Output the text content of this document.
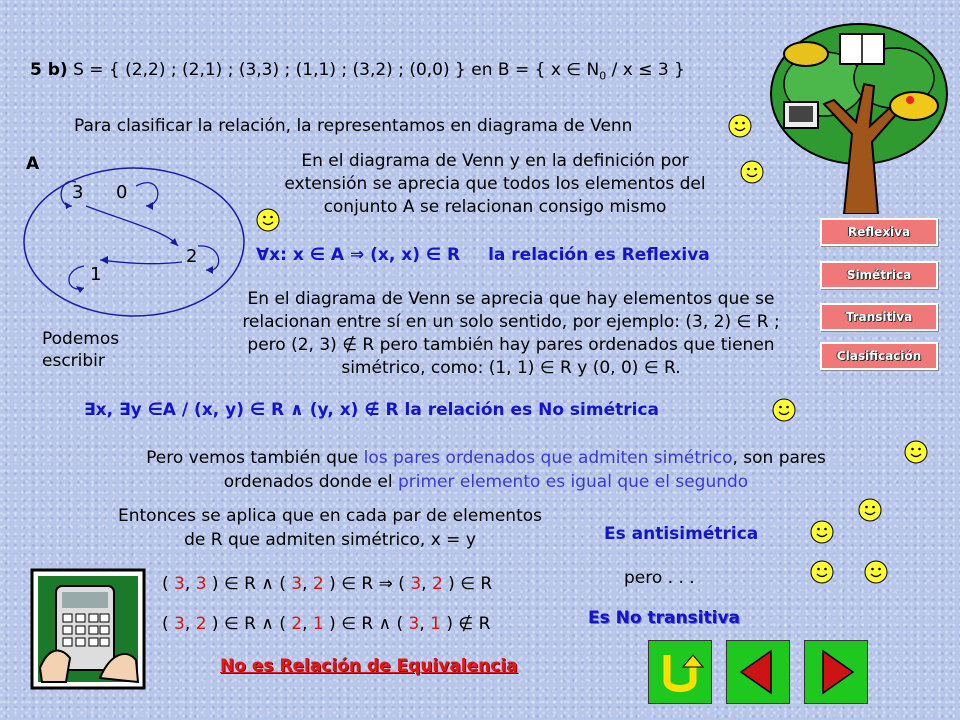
5 b) S = { (2,2) ; (2,1) ; (3,3) ; (1,1) ; (3,2) ; (0,0) } en B = { x ∈ $N_0 / x \le 3$ }
Para clasificar la relación, la representamos en diagrama de Venn
A
3 0
2
1
Podemos
escribir
En el diagrama de Venn y en la definición por
extensión se aprecia que todos los elementos del
conjunto A se relacionan consigo mismo
∀x: x ∈ A ⇒ (x, x) ∈ R la relación es Reflexiva
En el diagrama de Venn se aprecia que hay elementos que se
relacionan entre sí en un solo sentido, por ejemplo: (3, 2) ∈ R ;
pero (2, 3) ∉ R pero también hay pares ordenados que tienen
simétrico, como: (1, 1) ∈ R y (0, 0) ∈ R.
∃x, ∃y ∈A / (x, y) ∈ R ∧ (y, x) ∉ R la relación es No simétrica
Pero vemos también que los pares ordenados que admiten simétrico, son pares
ordenados donde el primer elemento es igual que el segundo
Entonces se aplica que en cada par de elementos
de R que admiten simétrico, x = y	Es antisimétrica
( 3, 3 ) ∈ R ∧ ( 3, 2 ) ∈ R ⇒ ( 3, 2 ) ∈ R
( 3, 2 ) ∈ R ∧ ( 2, 1 ) ∈ R ∧ ( 3, 1 ) ∉ R
pero . . .
Es No transitiva
No es Relación de Equivalencia
Reflexiva
Simétrica
Transitiva
Clasificación
